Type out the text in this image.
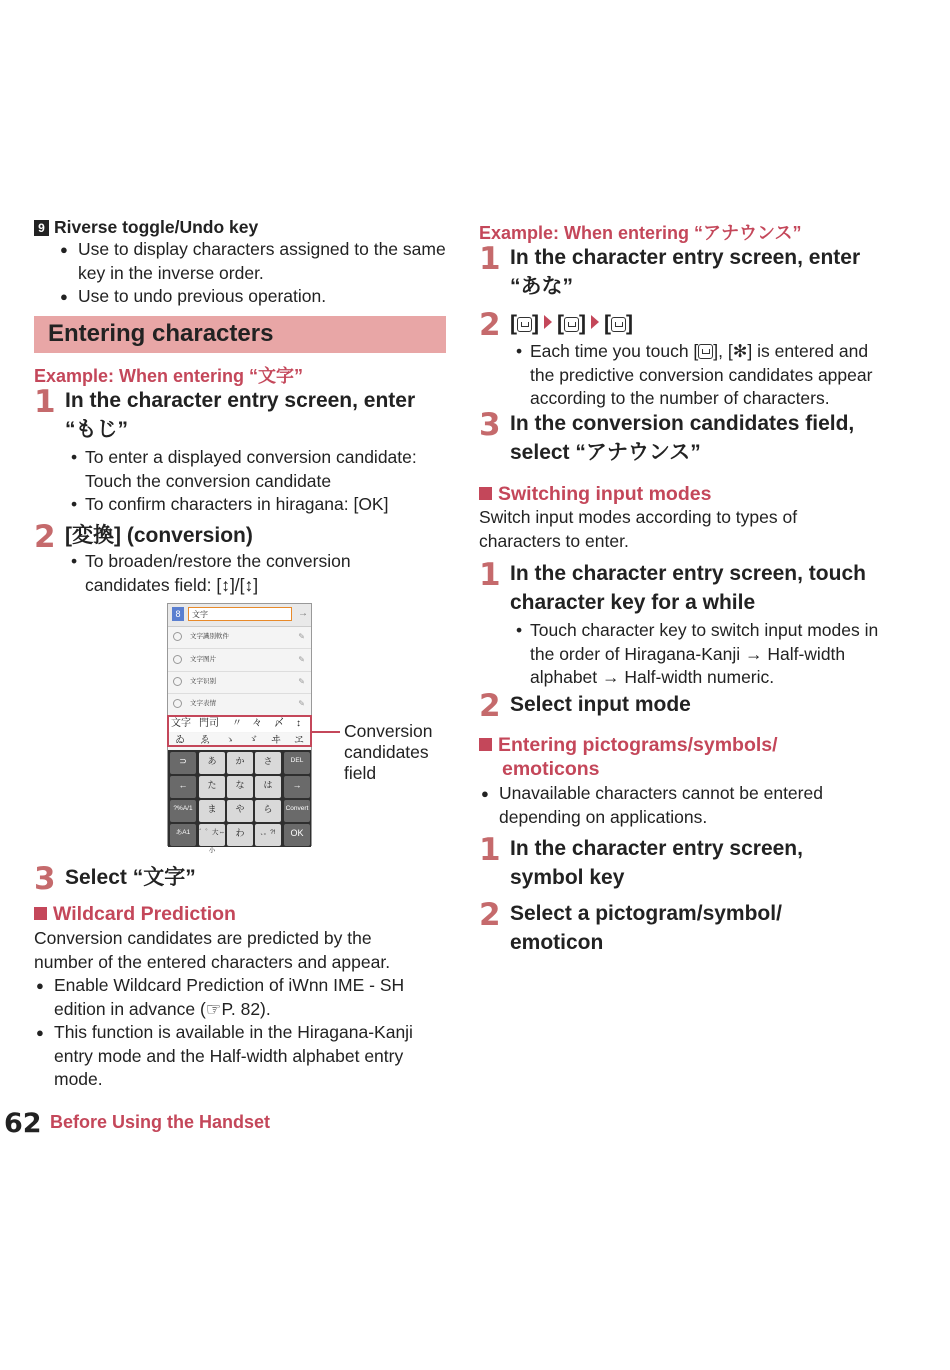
9 Riverse toggle/Undo key
● Use to display characters assigned to the same key in the inverse order.
● Use to undo previous operation.
Entering characters
Example: When entering “文字”
1 In the character entry screen, enter “もじ”
• To enter a displayed conversion candidate: Touch the conversion candidate
• To confirm characters in hiragana: [OK]
2 [変換] (conversion)
• To broaden/restore the conversion candidates field: [↕]/[↕]
8	文字	→
文字識別軟件	✎
文字图片	✎
文字识别	✎
文字表情	✎
文字 門司 〃 々 〆 ↕
ゐ ゑ ゝ ゞ ヰ ヱ
⊃	あ	か	さ	DEL
←	た	な	は	→
?%A/1	ま	や	ら	Convert
あA1	゛゜大⇔小
わ	、。?!	OK
Conversion candidates field
3 Select “文字”
Wildcard Prediction
Conversion candidates are predicted by the number of the entered characters and appear.
● Enable Wildcard Prediction of iWnn IME - SH edition in advance (☞P. 82).
● This function is available in the Hiragana-Kanji entry mode and the Half-width alphabet entry mode.
62 Before Using the Handset
Example: When entering “アナウンス”
1 In the character entry screen, enter “あな”
2 [ ] [ ] [ ]
• Each time you touch [ ], [✻] is entered and the predictive conversion candidates appear according to the number of characters.
3 In the conversion candidates field, select “アナウンス”
Switching input modes
Switch input modes according to types of characters to enter.
1 In the character entry screen, touch character key for a while
• Touch character key to switch input modes in the order of Hiragana-Kanji → Half-width alphabet → Half-width numeric.
2 Select input mode
Entering pictograms/symbols/
emoticons
● Unavailable characters cannot be entered depending on applications.
1 In the character entry screen, symbol key
2 Select a pictogram/symbol/ emoticon
